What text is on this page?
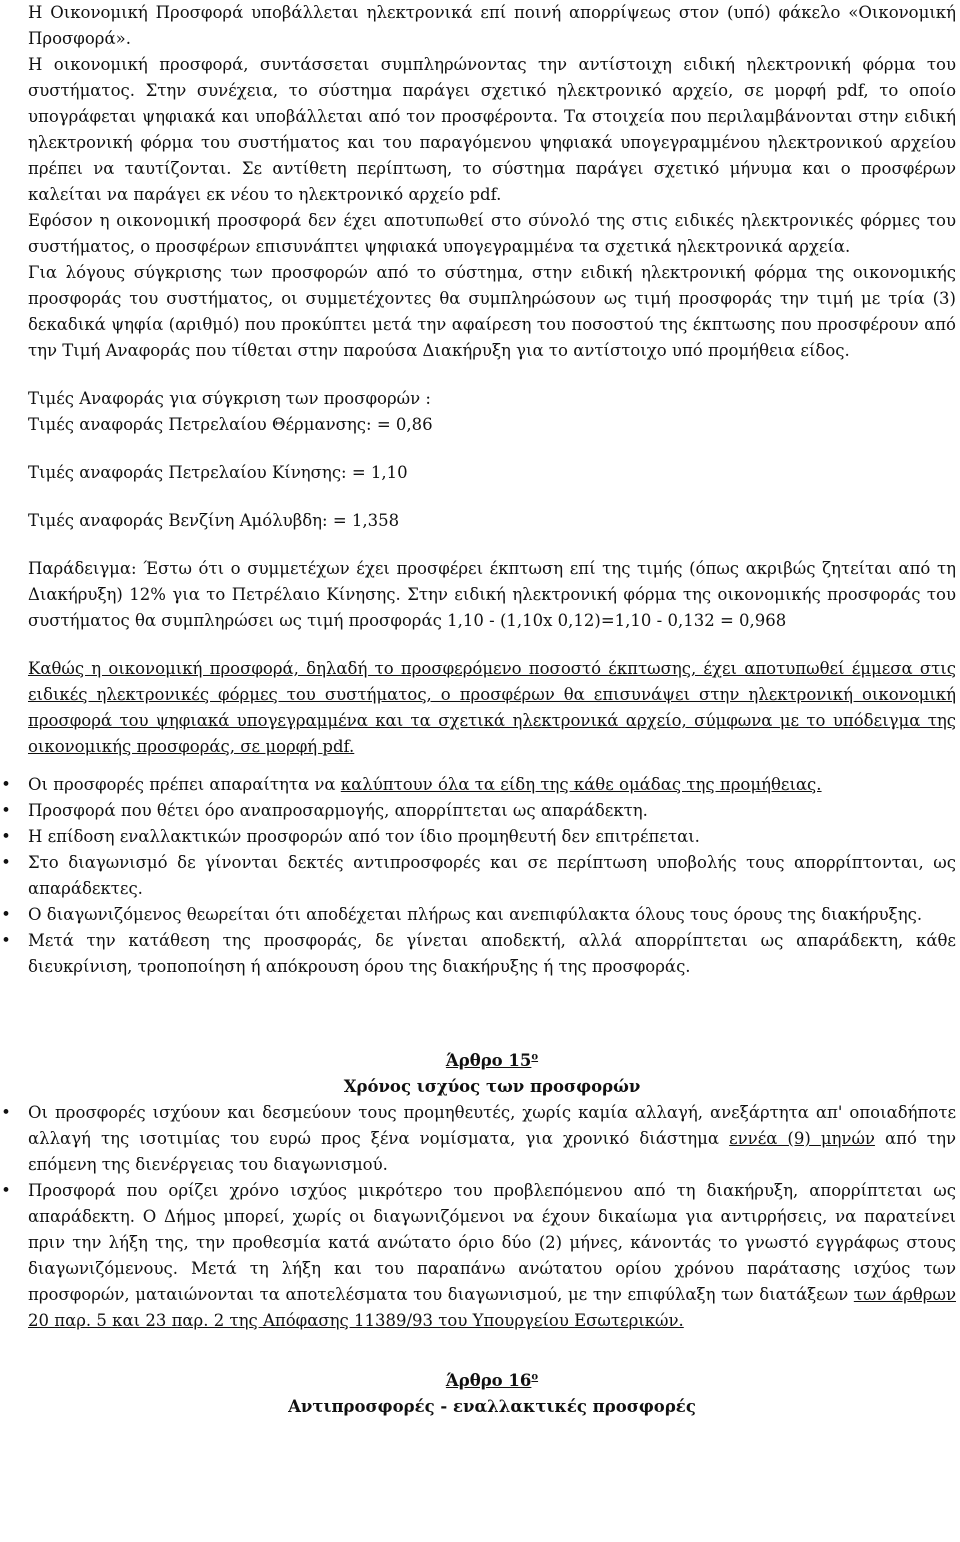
Η Οικονομική Προσφορά υποβάλλεται ηλεκτρονικά επί ποινή απορρίψεως στον (υπό) φάκελο «Οικονομική Προσφορά».

Η οικονομική προσφορά, συντάσσεται συμπληρώνοντας την αντίστοιχη ειδική ηλεκτρονική φόρμα του συστήματος. Στην συνέχεια, το σύστημα παράγει σχετικό ηλεκτρονικό αρχείο, σε μορφή pdf, το οποίο υπογράφεται ψηφιακά και υποβάλλεται από τον προσφέροντα. Τα στοιχεία που περιλαμβάνονται στην ειδική ηλεκτρονική φόρμα του συστήματος και του παραγόμενου ψηφιακά υπογεγραμμένου ηλεκτρονικού αρχείου πρέπει να ταυτίζονται. Σε αντίθετη περίπτωση, το σύστημα παράγει σχετικό μήνυμα και ο προσφέρων καλείται να παράγει εκ νέου το ηλεκτρονικό αρχείο pdf.

Εφόσον η οικονομική προσφορά δεν έχει αποτυπωθεί στο σύνολό της στις ειδικές ηλεκτρονικές φόρμες του συστήματος, ο προσφέρων επισυνάπτει ψηφιακά υπογεγραμμένα τα σχετικά ηλεκτρονικά αρχεία.

Για λόγους σύγκρισης των προσφορών από το σύστημα, στην ειδική ηλεκτρονική φόρμα της οικονομικής προσφοράς του συστήματος, οι συμμετέχοντες θα συμπληρώσουν ως τιμή προσφοράς την τιμή με τρία (3) δεκαδικά ψηφία (αριθμό) που προκύπτει μετά την αφαίρεση του ποσοστού της έκπτωσης που προσφέρουν από την Τιμή Αναφοράς που τίθεται στην παρούσα Διακήρυξη για το αντίστοιχο υπό προμήθεια είδος.

Τιμές Αναφοράς για σύγκριση των προσφορών :

Τιμές αναφοράς Πετρελαίου Θέρμανσης: = 0,86

Τιμές αναφοράς Πετρελαίου Κίνησης: = 1,10

Τιμές αναφοράς Βενζίνη Αμόλυβδη: = 1,358

Παράδειγμα: Έστω ότι ο συμμετέχων έχει προσφέρει έκπτωση επί της τιμής (όπως ακριβώς ζητείται από τη Διακήρυξη) 12% για το Πετρέλαιο Κίνησης. Στην ειδική ηλεκτρονική φόρμα της οικονομικής προσφοράς του συστήματος θα συμπληρώσει ως τιμή προσφοράς 1,10 - (1,10x 0,12)=1,10 - 0,132 = 0,968

Καθώς η οικονομική προσφορά, δηλαδή το προσφερόμενο ποσοστό έκπτωσης, έχει αποτυπωθεί έμμεσα στις ειδικές ηλεκτρονικές φόρμες του συστήματος, ο προσφέρων θα επισυνάψει στην ηλεκτρονική οικονομική προσφορά του ψηφιακά υπογεγραμμένα και τα σχετικά ηλεκτρονικά αρχείο, σύμφωνα με το υπόδειγμα της οικονομικής προσφοράς, σε μορφή pdf.

• Οι προσφορές πρέπει απαραίτητα να καλύπτουν όλα τα είδη της κάθε ομάδας της προμήθειας.
• Προσφορά που θέτει όρο αναπροσαρμογής, απορρίπτεται ως απαράδεκτη.
• Η επίδοση εναλλακτικών προσφορών από τον ίδιο προμηθευτή δεν επιτρέπεται.
• Στο διαγωνισμό δε γίνονται δεκτές αντιπροσφορές και σε περίπτωση υποβολής τους απορρίπτονται, ως απαράδεκτες.
• Ο διαγωνιζόμενος θεωρείται ότι αποδέχεται πλήρως και ανεπιφύλακτα όλους τους όρους της διακήρυξης.
• Μετά την κατάθεση της προσφοράς, δε γίνεται αποδεκτή, αλλά απορρίπτεται ως απαράδεκτη, κάθε διευκρίνιση, τροποποίηση ή απόκρουση όρου της διακήρυξης ή της προσφοράς.
Άρθρο $15^o$
Χρόνος ισχύος των προσφορών
• Οι προσφορές ισχύουν και δεσμεύουν τους προμηθευτές, χωρίς καμία αλλαγή, ανεξάρτητα απ' οποιαδήποτε αλλαγή της ισοτιμίας του ευρώ προς ξένα νομίσματα, για χρονικό διάστημα εννέα (9) μηνών από την επόμενη της διενέργειας του διαγωνισμού.
• Προσφορά που ορίζει χρόνο ισχύος μικρότερο του προβλεπόμενου από τη διακήρυξη, απορρίπτεται ως απαράδεκτη. Ο Δήμος μπορεί, χωρίς οι διαγωνιζόμενοι να έχουν δικαίωμα για αντιρρήσεις, να παρατείνει πριν την λήξη της, την προθεσμία κατά ανώτατο όριο δύο (2) μήνες, κάνοντάς το γνωστό εγγράφως στους διαγωνιζόμενους. Μετά τη λήξη και του παραπάνω ανώτατου ορίου χρόνου παράτασης ισχύος των προσφορών, ματαιώνονται τα αποτελέσματα του διαγωνισμού, με την επιφύλαξη των διατάξεων των άρθρων 20 παρ. 5 και 23 παρ. 2 της Απόφασης 11389/93 του Υπουργείου Εσωτερικών.
Άρθρο $16^o$
Αντιπροσφορές - εναλλακτικές προσφορές
